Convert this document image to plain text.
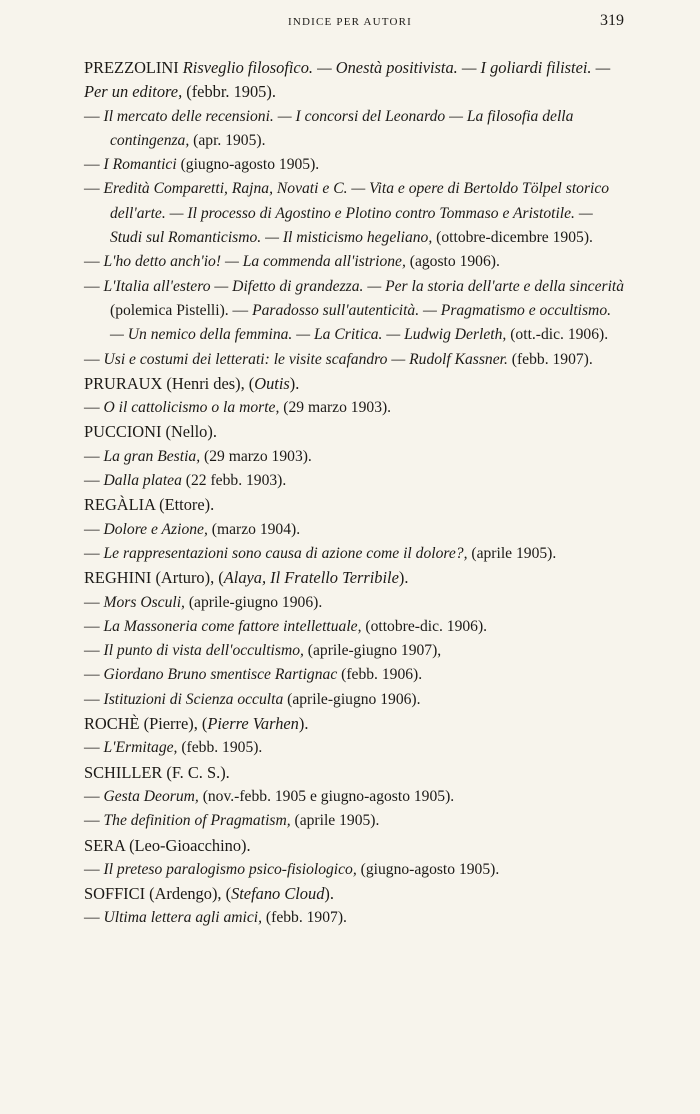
INDICE PER AUTORI	319
PREZZOLINI Risveglio filosofico. — Onestà positivista. — I goliardi filistei. — Per un editore, (febbr. 1905).
— Il mercato delle recensioni. — I concorsi del Leonardo — La filosofia della contingenza, (apr. 1905).
— I Romantici (giugno-agosto 1905).
— Eredità Comparetti, Rajna, Novati e C. — Vita e opere di Bertoldo Tölpel storico dell'arte. — Il processo di Agostino e Plotino contro Tommaso e Aristotile. — Studi sul Romanticismo. — Il misticismo hegeliano, (ottobre-dicembre 1905).
— L'ho detto anch'io! — La commenda all'istrione, (agosto 1906).
— L'Italia all'estero — Difetto di grandezza. — Per la storia dell'arte e della sincerità (polemica Pistelli). — Paradosso sull'autenticità. — Pragmatismo e occultismo. — Un nemico della femmina. — La Critica. — Ludwig Derleth, (ott.-dic. 1906).
— Usi e costumi dei letterati: le visite scafandro — Rudolf Kassner. (febb. 1907).
PRURAUX (Henri des), (Outis).
— O il cattolicismo o la morte, (29 marzo 1903).
PUCCIONI (Nello).
— La gran Bestia, (29 marzo 1903).
— Dalla platea (22 febb. 1903).
REGÀLIA (Ettore).
— Dolore e Azione, (marzo 1904).
— Le rappresentazioni sono causa di azione come il dolore?, (aprile 1905).
REGHINI (Arturo), (Alaya, Il Fratello Terribile).
— Mors Osculi, (aprile-giugno 1906).
— La Massoneria come fattore intellettuale, (ottobre-dic. 1906).
— Il punto di vista dell'occultismo, (aprile-giugno 1907),
— Giordano Bruno smentisce Rartignac (febb. 1906).
— Istituzioni di Scienza occulta (aprile-giugno 1906).
ROCHÈ (Pierre), (Pierre Varhen).
— L'Ermitage, (febb. 1905).
SCHILLER (F. C. S.).
— Gesta Deorum, (nov.-febb. 1905 e giugno-agosto 1905).
— The definition of Pragmatism, (aprile 1905).
SERA (Leo-Gioacchino).
— Il preteso paralogismo psico-fisiologico, (giugno-agosto 1905).
SOFFICI (Ardengo), (Stefano Cloud).
— Ultima lettera agli amici, (febb. 1907).
